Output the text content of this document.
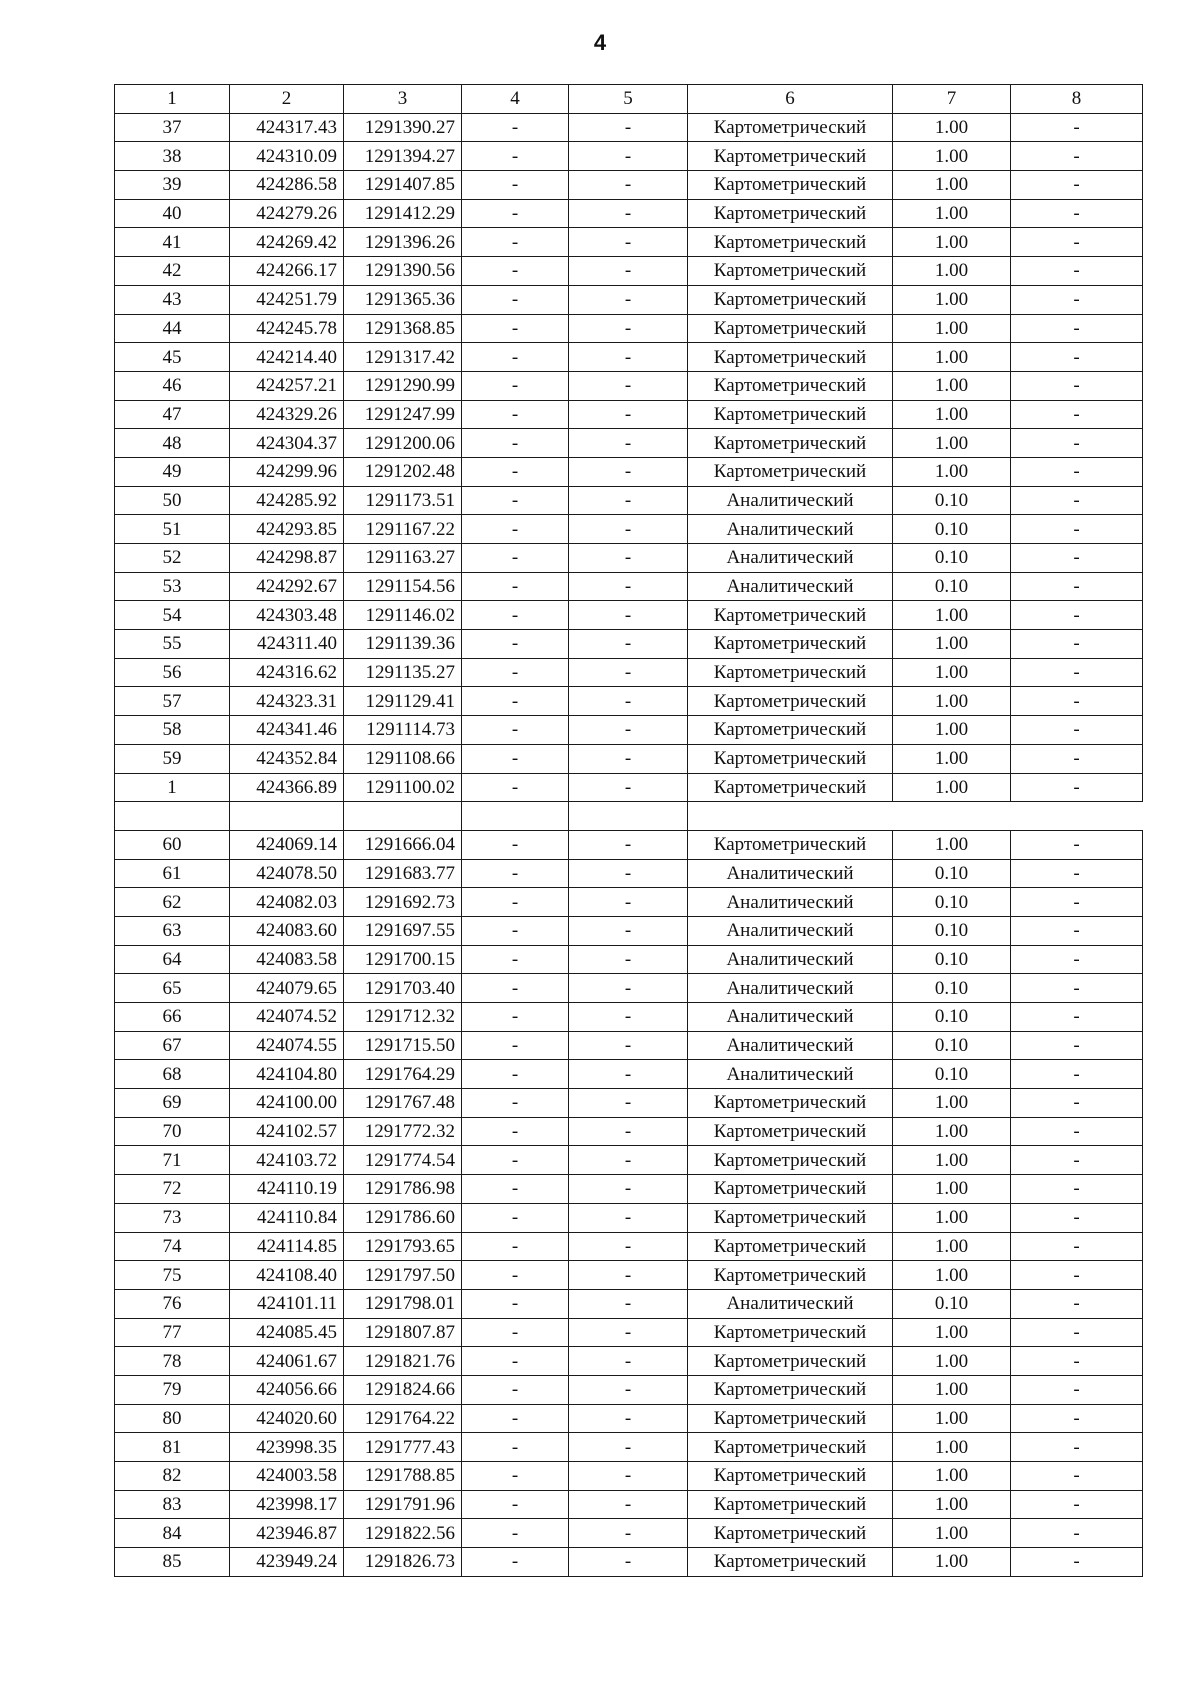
4
1	2	3	4	5	6	7	8
37	424317.43	1291390.27	-	-	Картометрический	1.00	-
38	424310.09	1291394.27	-	-	Картометрический	1.00	-
39	424286.58	1291407.85	-	-	Картометрический	1.00	-
40	424279.26	1291412.29	-	-	Картометрический	1.00	-
41	424269.42	1291396.26	-	-	Картометрический	1.00	-
42	424266.17	1291390.56	-	-	Картометрический	1.00	-
43	424251.79	1291365.36	-	-	Картометрический	1.00	-
44	424245.78	1291368.85	-	-	Картометрический	1.00	-
45	424214.40	1291317.42	-	-	Картометрический	1.00	-
46	424257.21	1291290.99	-	-	Картометрический	1.00	-
47	424329.26	1291247.99	-	-	Картометрический	1.00	-
48	424304.37	1291200.06	-	-	Картометрический	1.00	-
49	424299.96	1291202.48	-	-	Картометрический	1.00	-
50	424285.92	1291173.51	-	-	Аналитический	0.10	-
51	424293.85	1291167.22	-	-	Аналитический	0.10	-
52	424298.87	1291163.27	-	-	Аналитический	0.10	-
53	424292.67	1291154.56	-	-	Аналитический	0.10	-
54	424303.48	1291146.02	-	-	Картометрический	1.00	-
55	424311.40	1291139.36	-	-	Картометрический	1.00	-
56	424316.62	1291135.27	-	-	Картометрический	1.00	-
57	424323.31	1291129.41	-	-	Картометрический	1.00	-
58	424341.46	1291114.73	-	-	Картометрический	1.00	-
59	424352.84	1291108.66	-	-	Картометрический	1.00	-
1	424366.89	1291100.02	-	-	Картометрический	1.00	-

60	424069.14	1291666.04	-	-	Картометрический	1.00	-
61	424078.50	1291683.77	-	-	Аналитический	0.10	-
62	424082.03	1291692.73	-	-	Аналитический	0.10	-
63	424083.60	1291697.55	-	-	Аналитический	0.10	-
64	424083.58	1291700.15	-	-	Аналитический	0.10	-
65	424079.65	1291703.40	-	-	Аналитический	0.10	-
66	424074.52	1291712.32	-	-	Аналитический	0.10	-
67	424074.55	1291715.50	-	-	Аналитический	0.10	-
68	424104.80	1291764.29	-	-	Аналитический	0.10	-
69	424100.00	1291767.48	-	-	Картометрический	1.00	-
70	424102.57	1291772.32	-	-	Картометрический	1.00	-
71	424103.72	1291774.54	-	-	Картометрический	1.00	-
72	424110.19	1291786.98	-	-	Картометрический	1.00	-
73	424110.84	1291786.60	-	-	Картометрический	1.00	-
74	424114.85	1291793.65	-	-	Картометрический	1.00	-
75	424108.40	1291797.50	-	-	Картометрический	1.00	-
76	424101.11	1291798.01	-	-	Аналитический	0.10	-
77	424085.45	1291807.87	-	-	Картометрический	1.00	-
78	424061.67	1291821.76	-	-	Картометрический	1.00	-
79	424056.66	1291824.66	-	-	Картометрический	1.00	-
80	424020.60	1291764.22	-	-	Картометрический	1.00	-
81	423998.35	1291777.43	-	-	Картометрический	1.00	-
82	424003.58	1291788.85	-	-	Картометрический	1.00	-
83	423998.17	1291791.96	-	-	Картометрический	1.00	-
84	423946.87	1291822.56	-	-	Картометрический	1.00	-
85	423949.24	1291826.73	-	-	Картометрический	1.00	-
